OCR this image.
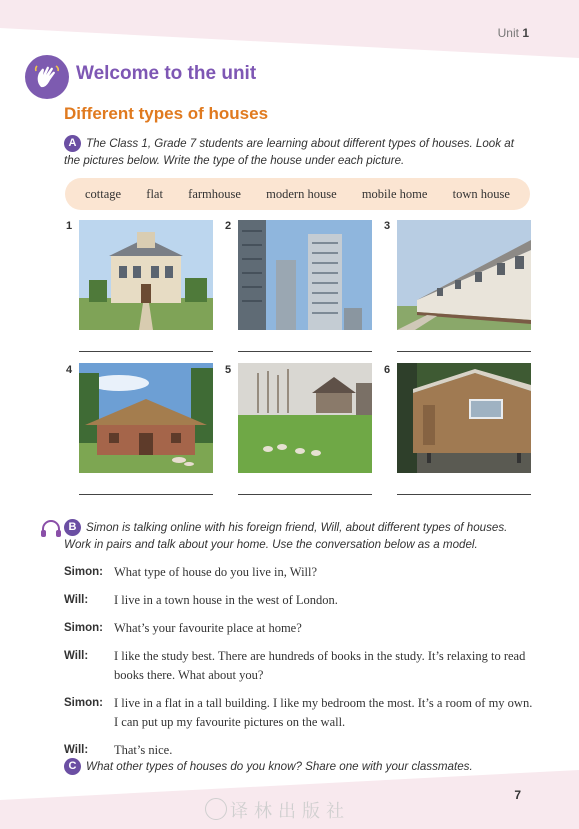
Unit 1
Welcome to the unit
Different types of houses
A The Class 1, Grade 7 students are learning about different types of houses. Look at
the pictures below. Write the type of the house under each picture.
cottage flat farmhouse modern house mobile home town house
1	2	3
4	5	6
B Simon is talking online with his foreign friend, Will, about different types of houses.
Work in pairs and talk about your home. Use the conversation below as a model.
Simon: What type of house do you live in, Will?
Will:	I live in a town house in the west of London.
Simon: What’s your favourite place at home?
Will:	I like the study best. There are hundreds of books in the study. It’s relaxing to read books there. What about you?
Simon: I live in a flat in a tall building. I like my bedroom the most. It’s a room of my own. I can put up my favourite pictures on the wall.
Will:	That’s nice.
C What other types of houses do you know? Share one with your classmates.
7
译林出版社
